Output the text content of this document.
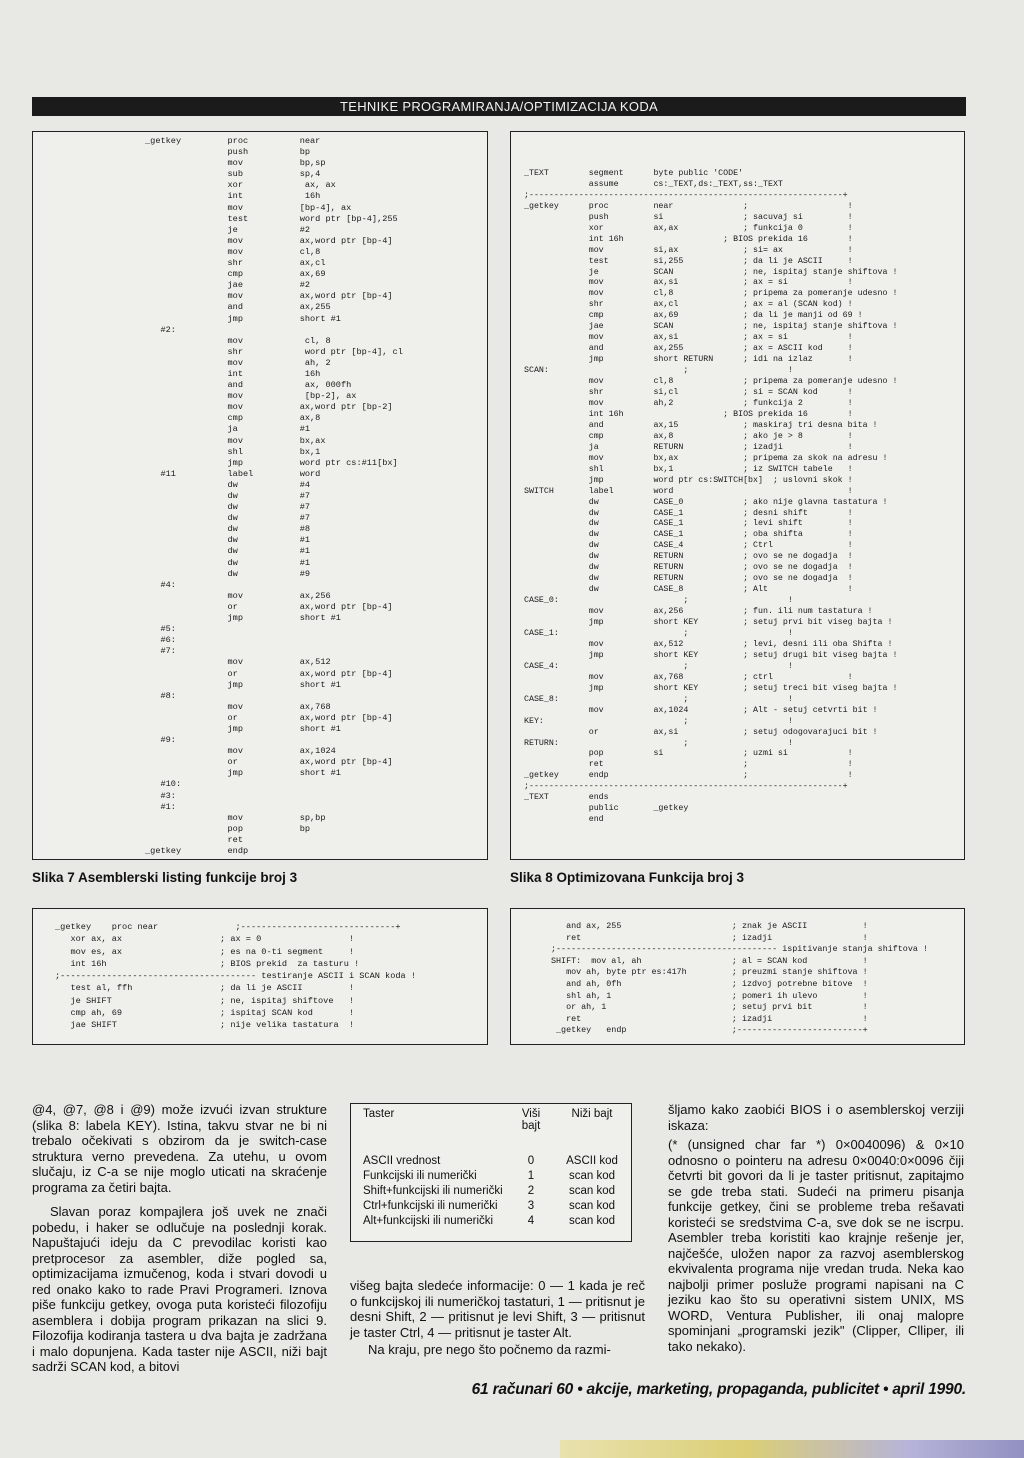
TEHNIKE PROGRAMIRANJA/OPTIMIZACIJA KODA
_getkey         proc          near
push          bp
mov           bp,sp
sub           sp,4
xor            ax, ax
int            16h
mov           [bp-4], ax
test          word ptr [bp-4],255
je            #2
mov           ax,word ptr [bp-4]
mov           cl,8
shr           ax,cl
cmp           ax,69
jae           #2
mov           ax,word ptr [bp-4]
and           ax,255
jmp           short #1
#2:
mov            cl, 8
shr            word ptr [bp-4], cl
mov            ah, 2
int            16h
and            ax, 000fh
mov            [bp-2], ax
mov           ax,word ptr [bp-2]
cmp           ax,8
ja            #1
mov           bx,ax
shl           bx,1
jmp           word ptr cs:#11[bx]
#11          label         word
dw            #4
dw            #7
dw            #7
dw            #7
dw            #8
dw            #1
dw            #1
dw            #1
dw            #9
#4:
mov           ax,256
or            ax,word ptr [bp-4]
jmp           short #1
#5:
#6:
#7:
mov           ax,512
or            ax,word ptr [bp-4]
jmp           short #1
#8:
mov           ax,768
or            ax,word ptr [bp-4]
jmp           short #1
#9:
mov           ax,1024
or            ax,word ptr [bp-4]
jmp           short #1
#10:
#3:
#1:
mov           sp,bp
pop           bp
ret
_getkey         endp
Slika 7 Asemblerski listing funkcije broj 3

_TEXT        segment      byte public 'CODE'
assume       cs:_TEXT,ds:_TEXT,ss:_TEXT
;---------------------------------------------------------------+
_getkey      proc         near              ;                    !
push         si                ; sacuvaj si         !
xor          ax,ax             ; funkcija 0         !
int 16h                    ; BIOS prekida 16        !
mov          si,ax             ; si= ax             !
test         si,255            ; da li je ASCII     !
je           SCAN              ; ne, ispitaj stanje shiftova !
mov          ax,si             ; ax = si            !
mov          cl,8              ; pripema za pomeranje udesno !
shr          ax,cl             ; ax = al (SCAN kod) !
cmp          ax,69             ; da li je manji od 69 !
jae          SCAN              ; ne, ispitaj stanje shiftova !
mov          ax,si             ; ax = si            !
and          ax,255            ; ax = ASCII kod     !
jmp          short RETURN      ; idi na izlaz       !
SCAN:                           ;                    !
mov          cl,8              ; pripema za pomeranje udesno !
shr          si,cl             ; si = SCAN kod      !
mov          ah,2              ; funkcija 2         !
int 16h                    ; BIOS prekida 16        !
and          ax,15             ; maskiraj tri desna bita !
cmp          ax,8              ; ako je > 8         !
ja           RETURN            ; izadji             !
mov          bx,ax             ; pripema za skok na adresu !
shl          bx,1              ; iz SWITCH tabele   !
jmp          word ptr cs:SWITCH[bx]  ; uslovni skok !
SWITCH       label        word                                   !
dw           CASE_0            ; ako nije glavna tastatura !
dw           CASE_1            ; desni shift        !
dw           CASE_1            ; levi shift         !
dw           CASE_1            ; oba shifta         !
dw           CASE_4            ; Ctrl               !
dw           RETURN            ; ovo se ne dogadja  !
dw           RETURN            ; ovo se ne dogadja  !
dw           RETURN            ; ovo se ne dogadja  !
dw           CASE_8            ; Alt                !
CASE_0:                         ;                    !
mov          ax,256            ; fun. ili num tastatura !
jmp          short KEY         ; setuj prvi bit viseg bajta !
CASE_1:                         ;                    !
mov          ax,512            ; levi, desni ili oba Shifta !
jmp          short KEY         ; setuj drugi bit viseg bajta !
CASE_4:                         ;                    !
mov          ax,768            ; ctrl               !
jmp          short KEY         ; setuj treci bit viseg bajta !
CASE_8:                         ;                    !
mov          ax,1024           ; Alt - setuj cetvrti bit !
KEY:                            ;                    !
or           ax,si             ; setuj odogovarajuci bit !
RETURN:                         ;                    !
pop          si                ; uzmi si            !
ret                            ;                    !
_getkey      endp                           ;                    !
;---------------------------------------------------------------+
_TEXT        ends
public       _getkey
end
Slika 8 Optimizovana Funkcija broj 3
_getkey    proc near               ;------------------------------+
xor ax, ax                   ; ax = 0                 !
mov es, ax                   ; es na 0-ti segment     !
int 16h                      ; BIOS prekid  za tasturu !
;-------------------------------------- testiranje ASCII i SCAN koda !
test al, ffh                 ; da li je ASCII         !
je SHIFT                     ; ne, ispitaj shiftove   !
cmp ah, 69                   ; ispitaj SCAN kod       !
jae SHIFT                    ; nije velika tastatura  !
and ax, 255                      ; znak je ASCII           !
ret                              ; izadji                  !
;-------------------------------------------- ispitivanje stanja shiftova !
SHIFT:  mov al, ah                  ; al = SCAN kod           !
mov ah, byte ptr es:417h         ; preuzmi stanje shiftova !
and ah, 0fh                      ; izdvoj potrebne bitove  !
shl ah, 1                        ; pomeri ih ulevo         !
or ah, 1                         ; setuj prvi bit          !
ret                              ; izadji                  !
_getkey   endp                     ;-------------------------+

@4, @7, @8 i @9) može izvući izvan strukture (slika 8: labela KEY). Istina, takvu stvar ne bi ni trebalo očekivati s obzirom da je switch-case struktura verno prevedena. Za utehu, u ovom slučaju, iz C-a se nije moglo uticati na skraćenje programa za četiri bajta.

Slavan poraz kompajlera još uvek ne znači pobedu, i haker se odlučuje na poslednji korak. Napuštajući ideju da C prevodilac koristi kao pretprocesor za asembler, diže pogled sa, optimizacijama izmučenog, koda i stvari dovodi u red onako kako to rade Pravi Programeri. Iznova piše funkciju getkey, ovoga puta koristeći filozofiju asemblera i dobija program prikazan na slici 9. Filozofija kodiranja tastera u dva bajta je zadržana i malo dopunjena. Kada taster nije ASCII, niži bajt sadrži SCAN kod, a bitovi

Taster	Viši bajt	Niži bajt
ASCII vrednost	0	ASCII kod
Funkcijski ili numerički	1	scan kod
Shift+funkcijski ili numerički	2	scan kod
Ctrl+funkcijski ili numerički	3	scan kod
Alt+funkcijski ili numerički	4	scan kod

višeg bajta sledeće informacije: 0 — 1 kada je reč o funkcijskoj ili numeričkoj tastaturi, 1 — pritisnut je desni Shift, 2 — pritisnut je levi Shift, 3 — pritisnut je taster Ctrl, 4 — pritisnut je taster Alt.

Na kraju, pre nego što počnemo da razmi-

šljamo kako zaobići BIOS i o asemblerskoj verziji iskaza:

(* (unsigned char far *) 0×0040096) & 0×10 odnosno o pointeru na adresu 0×0040:0×0096 čiji četvrti bit govori da li je taster pritisnut, zapitajmo se gde treba stati. Sudeći na primeru pisanja funkcije getkey, čini se probleme treba rešavati koristeći se sredstvima C-a, sve dok se ne iscrpu. Asembler treba koristiti kao krajnje rešenje jer, najčešće, uložen napor za razvoj asemblerskog ekvivalenta programa nije vredan truda. Neka kao najbolji primer posluže programi napisani na C jeziku kao što su operativni sistem UNIX, MS WORD, Ventura Publisher, ili onaj malopre spominjani „programski jezik" (Clipper, Clliper, ili tako nekako).

61 računari 60 • akcije, marketing, propaganda, publicitet • april 1990.
